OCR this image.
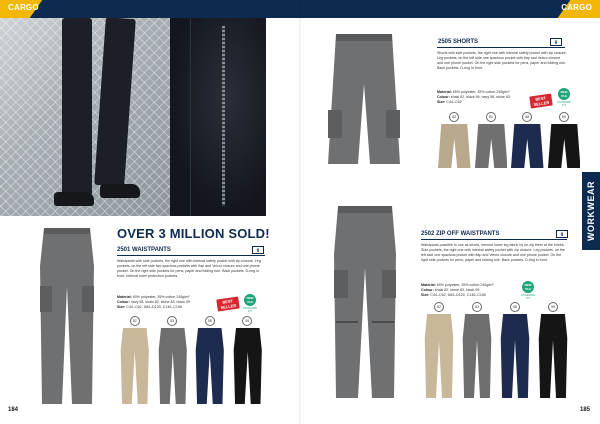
CARGO
OVER 3 MILLION SOLD!
2501 WAISTPANTS	g
Waistpants with side pockets, the right one with internal safety pocket with zip closure. Leg pockets, on the left side two spacious pockets with flap and Velcro closure and one phone pocket. On the right side pockets for pens, paper and folding rule. Back pockets. D-ring in front. Internal knee protection pockets.
Material: 60% polyester, 35% cotton 245g/m²
Colour: navy 58, khaki 82, stone 83, black 99
Size: C44–C62, D84–D120, C146–C156
BEST SELLER
NEW TAG
STANDARD FIT
82	83	58	99
184
CARGO
2505 SHORTS	g
Shorts with side pockets, the right one with internal safety pocket with zip closure. Leg pockets, on the left side one spacious pocket with flap and Velcro closure and one phone pocket. On the right side pockets for pens, paper and folding rule. Back pockets. D-ring in front.
Material: 65% polyester, 35% cotton 245g/m²
Colour: khaki 82, black 99, navy 58, stone 83
Size: C44–C62
BEST SELLER
NEW TAG
STANDARD FIT
82	83	58	99
2502 ZIP OFF WAISTPANTS	g
Waistpants possible to use as shorts, remove lower leg fabric by un-zip them at the knees. Side pockets, the right one with internal safety pocket with zip closure. Leg pockets, on the left side one spacious pocket with flap and Velcro closure and one phone pocket. On the right side pockets for pens, paper and folding rule. Back pockets. D-ring in front.
Material: 65% polyester, 35% cotton 245g/m²
Colour: khaki 82, stone 83, black 99
Size: C44–C62, D84–D120, C146–C156
NEW TAG
STANDARD FIT
82	83	58	99
WORKWEAR
185
